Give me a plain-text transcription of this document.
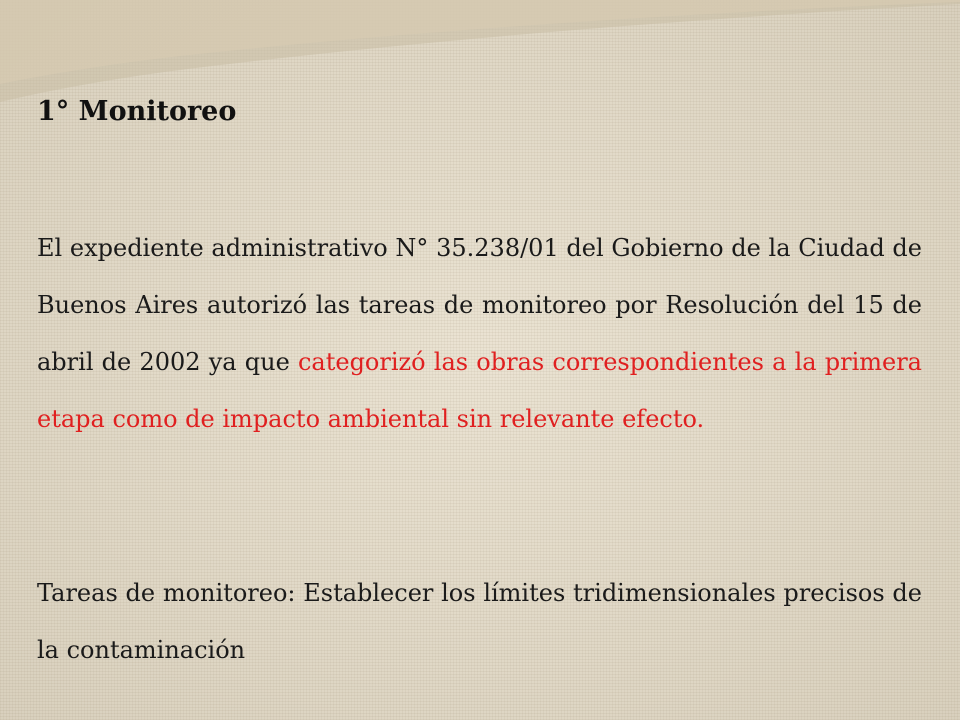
1° Monitoreo

El expediente administrativo N° 35.238/01 del Gobierno de la Ciudad de Buenos Aires autorizó las tareas de monitoreo por Resolución del 15 de abril de 2002 ya que categorizó las obras correspondientes a la primera etapa como de impacto ambiental sin relevante efecto.

Tareas de monitoreo: Establecer los límites tridimensionales precisos de la contaminación
